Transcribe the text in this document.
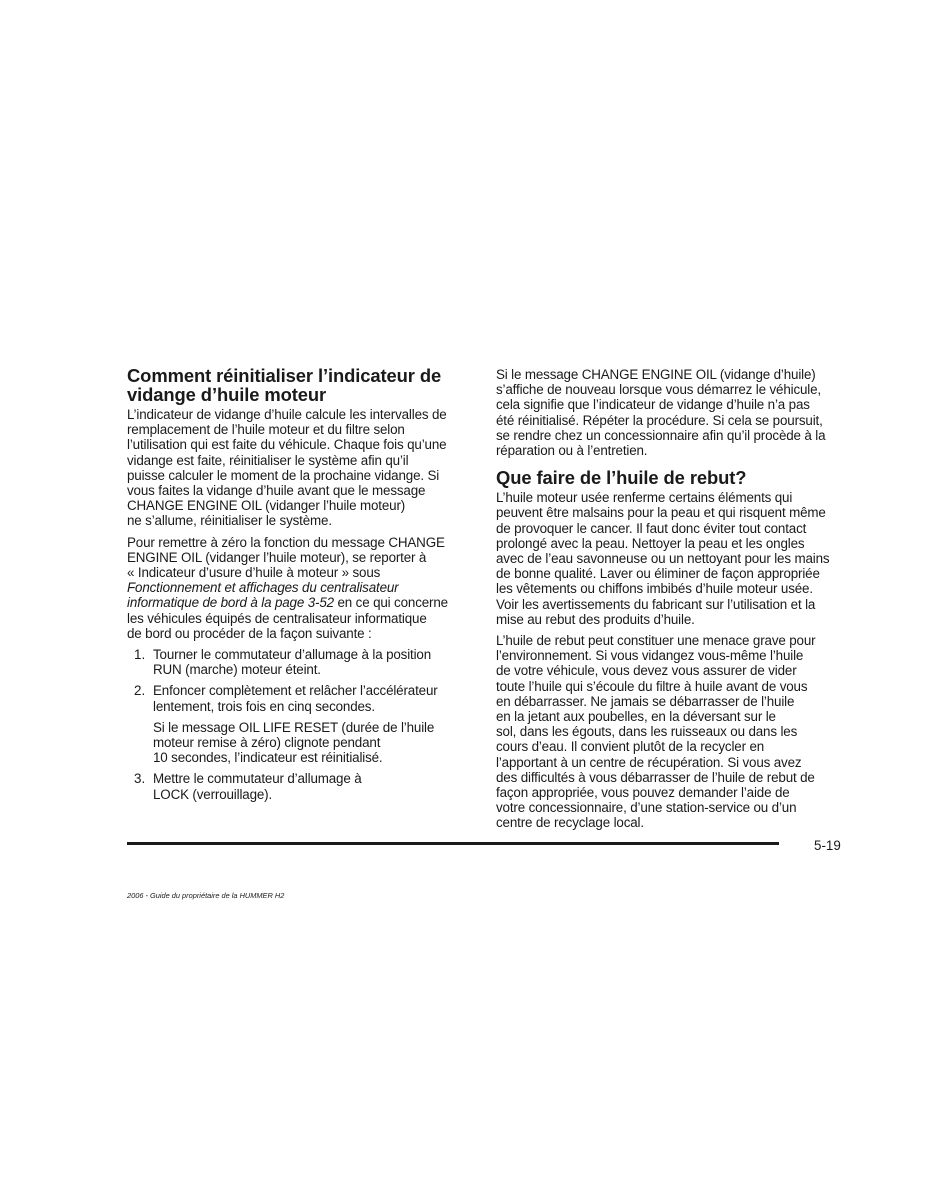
Comment réinitialiser l’indicateur de
vidange d’huile moteur

L’indicateur de vidange d’huile calcule les intervalles de
remplacement de l’huile moteur et du filtre selon
l’utilisation qui est faite du véhicule. Chaque fois qu’une
vidange est faite, réinitialiser le système afin qu’il
puisse calculer le moment de la prochaine vidange. Si
vous faites la vidange d’huile avant que le message
CHANGE ENGINE OIL (vidanger l’huile moteur)
ne s’allume, réinitialiser le système.

Pour remettre à zéro la fonction du message CHANGE
ENGINE OIL (vidanger l’huile moteur), se reporter à
« Indicateur d’usure d’huile à moteur » sous
Fonctionnement et affichages du centralisateur
informatique de bord à la page 3-52 en ce qui concerne
les véhicules équipés de centralisateur informatique
de bord ou procéder de la façon suivante :

1. Tourner le commutateur d’allumage à la position
RUN (marche) moteur éteint.

2. Enfoncer complètement et relâcher l’accélérateur
lentement, trois fois en cinq secondes.

Si le message OIL LIFE RESET (durée de l’huile
moteur remise à zéro) clignote pendant
10 secondes, l’indicateur est réinitialisé.

3. Mettre le commutateur d’allumage à
LOCK (verrouillage).

Si le message CHANGE ENGINE OIL (vidange d’huile)
s’affiche de nouveau lorsque vous démarrez le véhicule,
cela signifie que l’indicateur de vidange d’huile n’a pas
été réinitialisé. Répéter la procédure. Si cela se poursuit,
se rendre chez un concessionnaire afin qu’il procède à la
réparation ou à l’entretien.

Que faire de l’huile de rebut?

L’huile moteur usée renferme certains éléments qui
peuvent être malsains pour la peau et qui risquent même
de provoquer le cancer. Il faut donc éviter tout contact
prolongé avec la peau. Nettoyer la peau et les ongles
avec de l’eau savonneuse ou un nettoyant pour les mains
de bonne qualité. Laver ou éliminer de façon appropriée
les vêtements ou chiffons imbibés d’huile moteur usée.
Voir les avertissements du fabricant sur l’utilisation et la
mise au rebut des produits d’huile.

L’huile de rebut peut constituer une menace grave pour
l’environnement. Si vous vidangez vous-même l’huile
de votre véhicule, vous devez vous assurer de vider
toute l’huile qui s’écoule du filtre à huile avant de vous
en débarrasser. Ne jamais se débarrasser de l’huile
en la jetant aux poubelles, en la déversant sur le
sol, dans les égouts, dans les ruisseaux ou dans les
cours d’eau. Il convient plutôt de la recycler en
l’apportant à un centre de récupération. Si vous avez
des difficultés à vous débarrasser de l’huile de rebut de
façon appropriée, vous pouvez demander l’aide de
votre concessionnaire, d’une station-service ou d’un
centre de recyclage local.

5-19
2006 - Guide du propriétaire de la HUMMER H2
